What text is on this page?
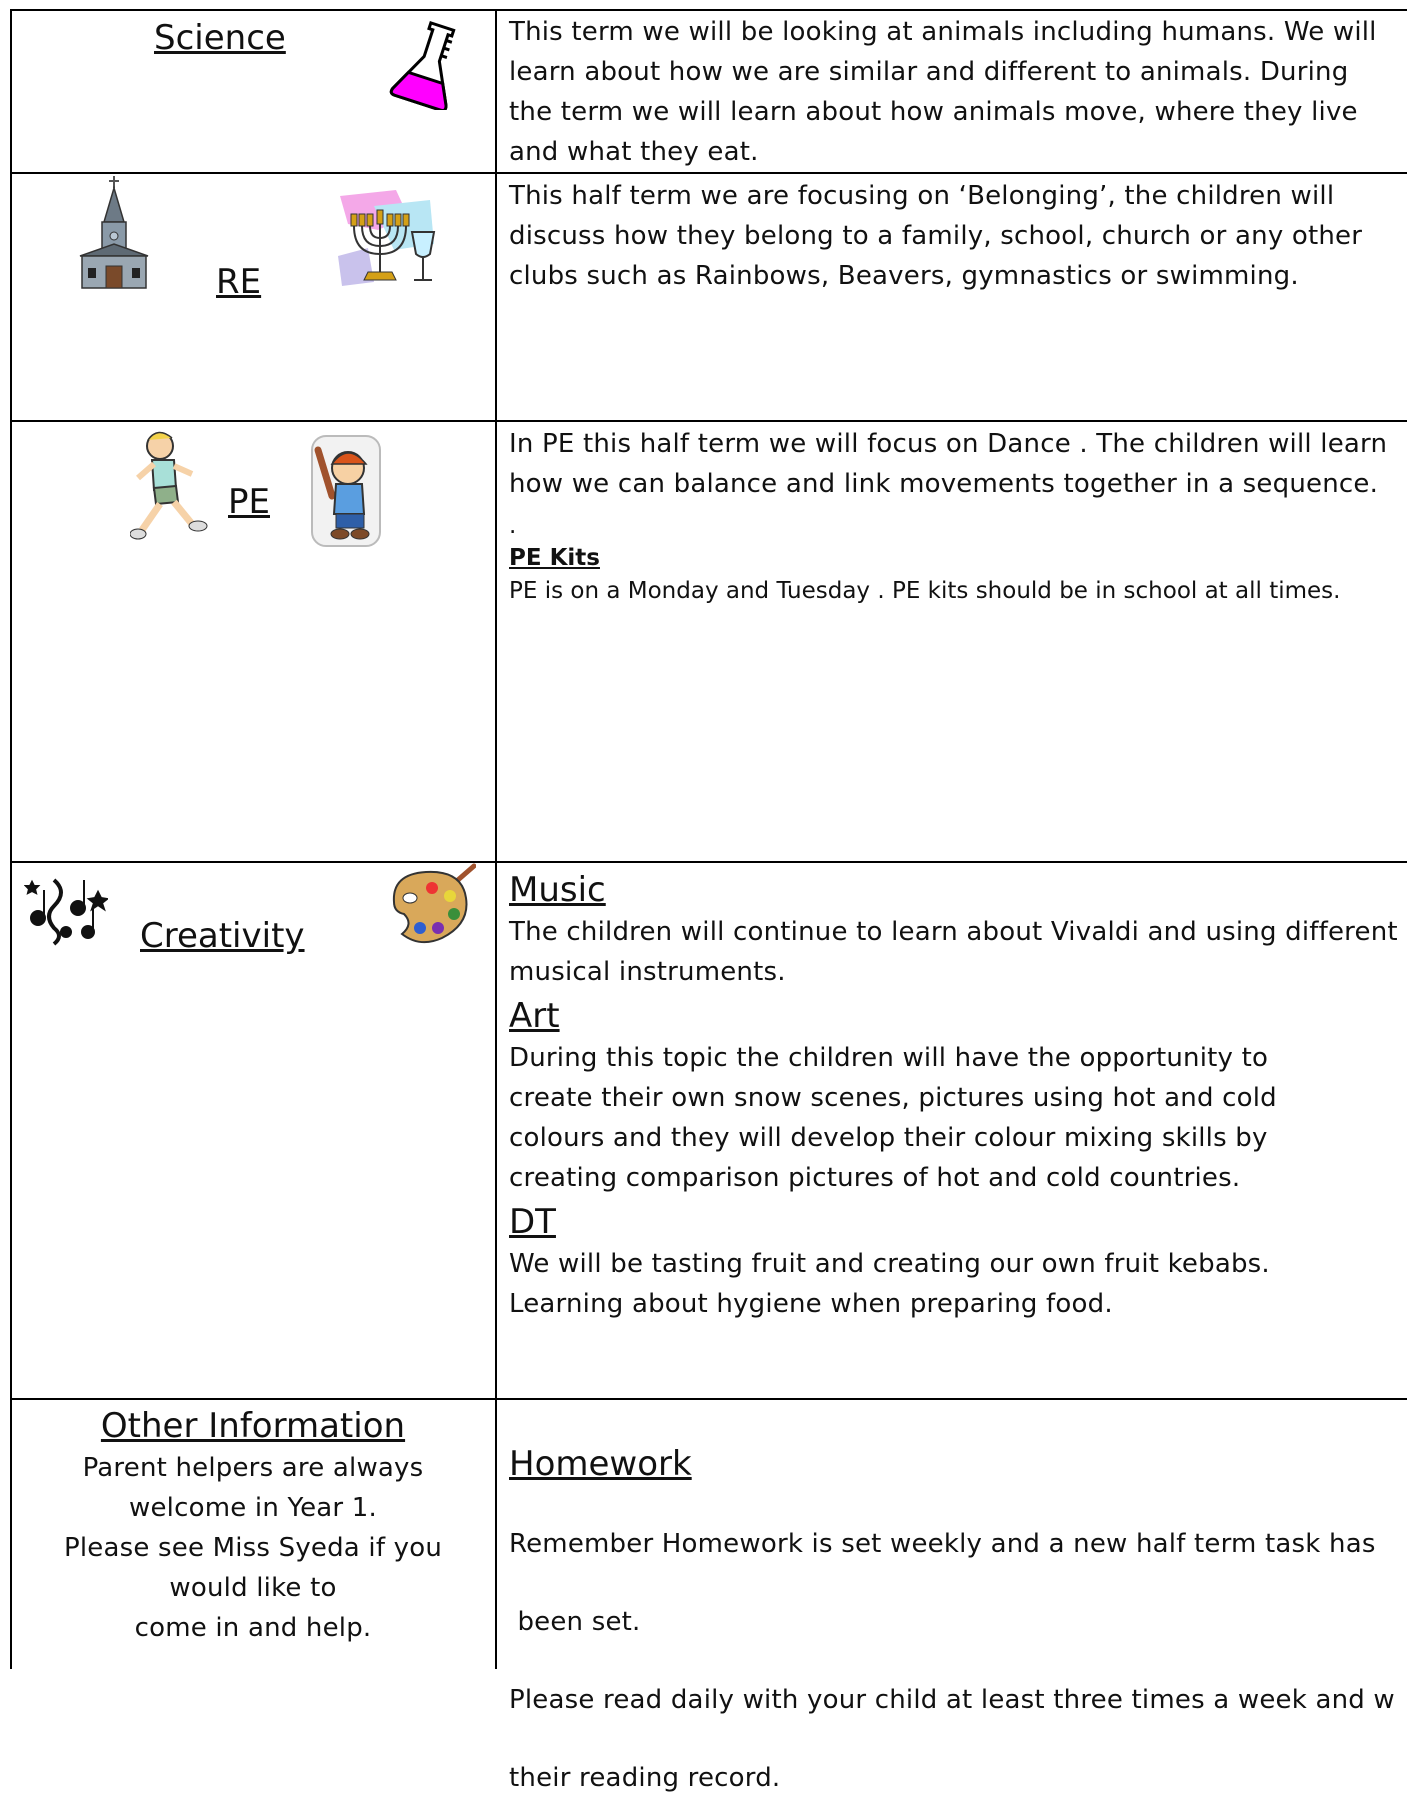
Science	This term we will be looking at animals including humans. We will learn about how we are similar and different to animals. During the term we will learn about how animals move, where they live and what they eat.
RE
This half term we are focusing on ‘Belonging’, the children will discuss how they belong to a family, school, church or any other clubs such as Rainbows, Beavers, gymnastics or swimming.
PE

In PE this half term we will focus on Dance . The children will learn how we can balance and link movements together in a sequence.

.

PE Kits

PE is on a Monday and Tuesday . PE kits should be in school at all times.

Creativity

Music

The children will continue to learn about Vivaldi and using different musical instruments.

Art

During this topic the children will have the opportunity to create their own snow scenes, pictures using hot and cold colours and they will develop their colour mixing skills by creating comparison pictures of hot and cold countries.

DT

We will be tasting fruit and creating our own fruit kebabs.

Learning about hygiene when preparing food.

Other Information

Parent helpers are always

welcome in Year 1.

Please see Miss Syeda if you

would like to

come in and help.

Homework

Remember Homework is set weekly and a new half term task has

been set.

Please read daily with your child at least three times a week and w

their reading record.
